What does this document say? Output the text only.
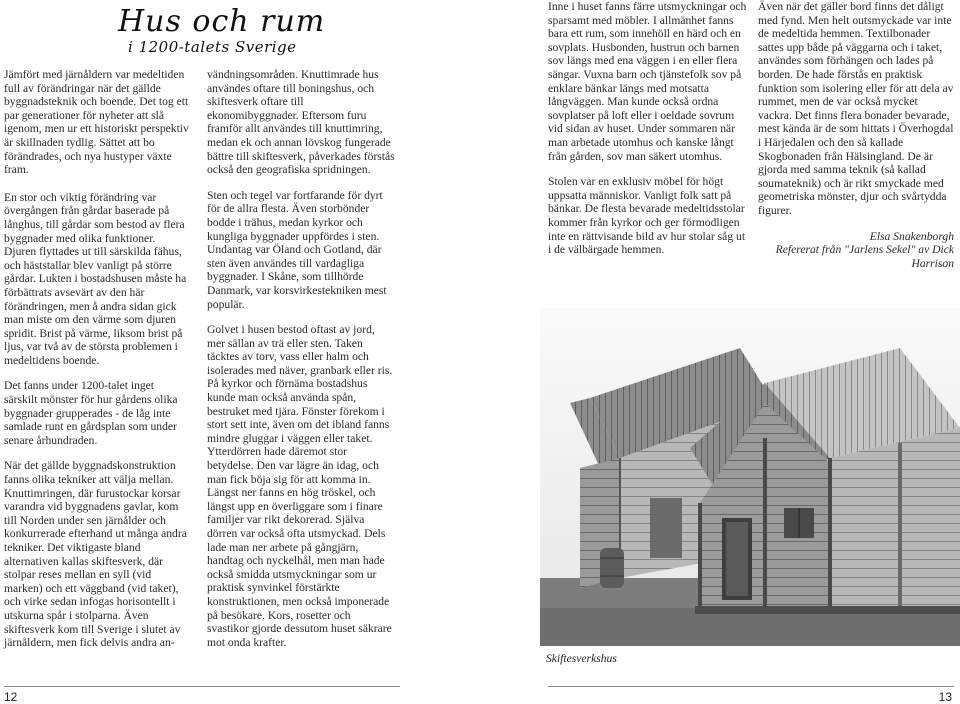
Hus och rum
i 1200-talets Sverige

Jämfört med järnåldern var medeltiden full av förändringar när det gällde byggnadsteknik och boende. Det tog ett par generationer för nyheter att slå igenom, men ur ett historiskt perspektiv är skillnaden tydlig. Sättet att bo förändrades, och nya hustyper växte fram.

En stor och viktig förändring var övergången från gårdar baserade på långhus, till gårdar som bestod av flera byggnader med olika funktioner. Djuren flyttades ut till särskilda fähus, och häststallar blev vanligt på större gårdar. Lukten i bostadshusen måste ha förbättrats avsevärt av den här förändringen, men å andra sidan gick man miste om den värme som djuren spridit. Brist på värme, liksom brist på ljus, var två av de största problemen i medeltidens boende.

Det fanns under 1200-talet inget särskilt mönster för hur gårdens olika byggnader grupperades - de låg inte samlade runt en gårdsplan som under senare århundraden.

När det gällde byggnadskonstruktion fanns olika tekniker att välja mellan. Knuttimringen, där furustockar korsar varandra vid byggnadens gavlar, kom till Norden under sen järnålder och konkurrerade efterhand ut många andra tekniker. Det viktigaste bland alternativen kallas skiftesverk, där stolpar reses mellan en syll (vid marken) och ett väggband (vid taket), och virke sedan infogas horisontellt i utskurna spår i stolparna. Även skiftesverk kom till Sverige i slutet av järnåldern, men fick delvis andra an-

vändningsområden. Knuttimrade hus användes oftare till boningshus, och skiftesverk oftare till ekonomibyggnader. Eftersom furu framför allt användes till knuttimring, medan ek och annan lövskog fungerade bättre till skiftesverk, påverkades förstås också den geografiska spridningen.

Sten och tegel var fortfarande för dyrt för de allra flesta. Även storbönder bodde i trähus, medan kyrkor och kungliga byggnader uppfördes i sten. Undantag var Öland och Gotland, där sten även användes till vardagliga byggnader. I Skåne, som tillhörde Danmark, var korsvirkestekniken mest populär.

Golvet i husen bestod oftast av jord, mer sällan av trä eller sten. Taken täcktes av torv, vass eller halm och isolerades med näver, granbark eller ris. På kyrkor och förnäma bostadshus kunde man också använda spån, bestruket med tjära. Fönster förekom i stort sett inte, även om det ibland fanns mindre gluggar i väggen eller taket. Ytterdörren hade däremot stor betydelse. Den var lägre än idag, och man fick böja sig för att komma in. Längst ner fanns en hög tröskel, och längst upp en överliggare som i finare familjer var rikt dekorerad. Själva dörren var också ofta utsmyckad. Dels lade man ner arbete på gångjärn, handtag och nyckelhål, men man hade också smidda utsmyckningar som ur praktisk synvinkel förstärkte konstruktionen, men också imponerade på besökare. Kors, rosetter och svastikor gjorde dessutom huset säkrare mot onda krafter.

Inne i huset fanns färre utsmyckningar och sparsamt med möbler. I allmänhet fanns bara ett rum, som innehöll en härd och en sovplats. Husbonden, hustrun och barnen sov längs med ena väggen i en eller flera sängar. Vuxna barn och tjänstefolk sov på enklare bänkar längs med motsatta långväggen. Man kunde också ordna sovplatser på loft eller i oeldade sovrum vid sidan av huset. Under sommaren när man arbetade utomhus och kanske långt från gården, sov man säkert utomhus.

Stolen var en exklusiv möbel för högt uppsatta människor. Vanligt folk satt på bänkar. De flesta bevarade medeltidsstolar kommer från kyrkor och ger förmodligen inte en rättvisande bild av hur stolar såg ut i de välbärgade hemmen.

Även när det gäller bord finns det dåligt med fynd. Men helt outsmyckade var inte de medeltida hemmen. Textilbonader sattes upp både på väggarna och i taket, användes som förhängen och lades på borden. De hade förstås en praktisk funktion som isolering eller för att dela av rummet, men de var också mycket vackra. Det finns flera bonader bevarade, mest kända är de som hittats i Överhogdal i Härjedalen och den så kallade Skogbonaden från Hälsingland. De är gjorda med samma teknik (så kallad soumateknik) och är rikt smyckade med geometriska mönster, djur och svårtydda figurer.

Elsa Snakenborgh
Refererat från "Jarlens Sekel" av Dick Harrison
Skiftesverkshus
12	13
